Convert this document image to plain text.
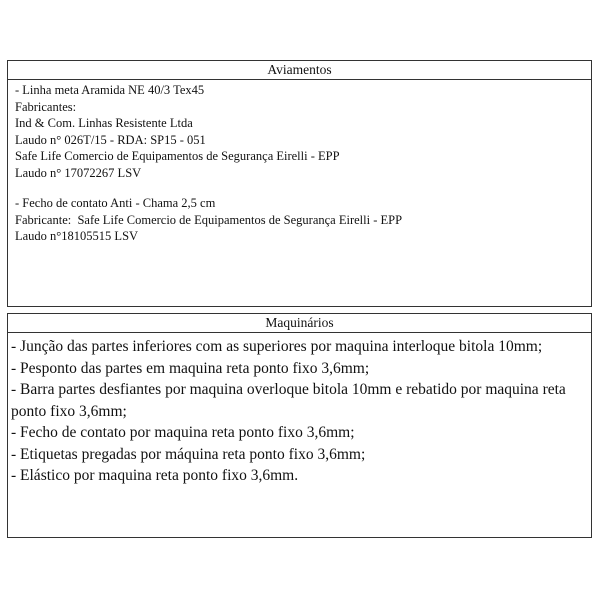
Aviamentos

- Linha meta Aramida NE 40/3 Tex45

Fabricantes:

Ind & Com. Linhas Resistente Ltda

Laudo n° 026T/15 - RDA: SP15 - 051

Safe Life Comercio de Equipamentos de Segurança Eirelli - EPP

Laudo n° 17072267 LSV

- Fecho de contato Anti - Chama 2,5 cm

Fabricante:  Safe Life Comercio de Equipamentos de Segurança Eirelli - EPP

Laudo n°18105515 LSV

Maquinários

- Junção das partes inferiores com as superiores por maquina interloque bitola 10mm;

- Pesponto das partes em maquina reta ponto fixo 3,6mm;

- Barra partes desfiantes por maquina overloque bitola 10mm e rebatido por maquina reta ponto fixo 3,6mm;

- Fecho de contato por maquina reta ponto fixo 3,6mm;

- Etiquetas pregadas por máquina reta ponto fixo 3,6mm;

- Elástico por maquina reta ponto fixo 3,6mm.
